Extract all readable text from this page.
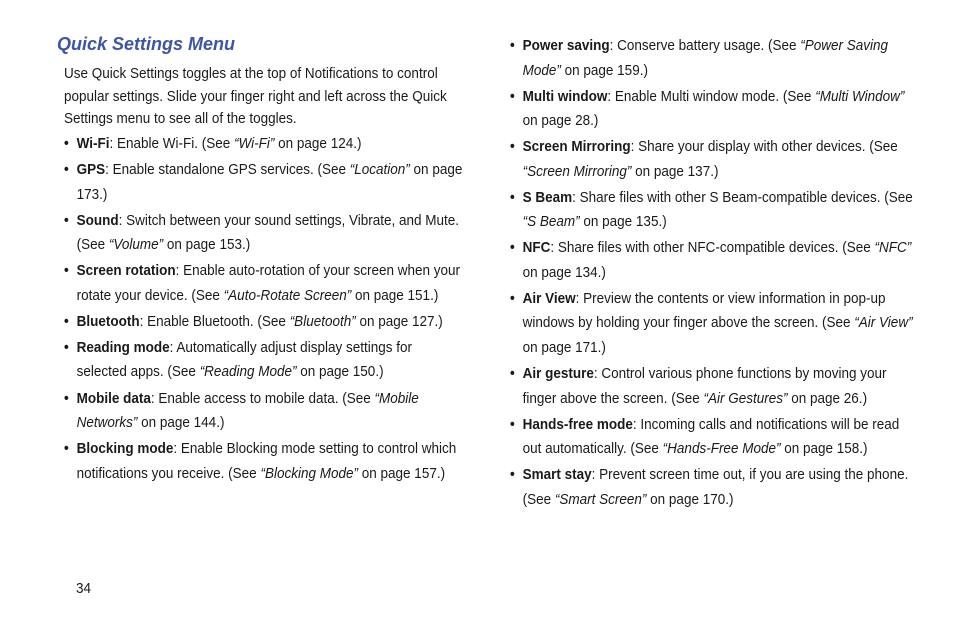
Quick Settings Menu

Use Quick Settings toggles at the top of Notifications to control popular settings. Slide your finger right and left across the Quick Settings menu to see all of the toggles.

• Wi-Fi: Enable Wi-Fi. (See “Wi-Fi” on page 124.)
• GPS: Enable standalone GPS services. (See “Location” on page 173.)
• Sound: Switch between your sound settings, Vibrate, and Mute. (See “Volume” on page 153.)
• Screen rotation: Enable auto-rotation of your screen when your rotate your device. (See “Auto-Rotate Screen” on page 151.)
• Bluetooth: Enable Bluetooth. (See “Bluetooth” on page 127.)
• Reading mode: Automatically adjust display settings for selected apps. (See “Reading Mode” on page 150.)
• Mobile data: Enable access to mobile data. (See “Mobile Networks” on page 144.)
• Blocking mode: Enable Blocking mode setting to control which notifications you receive. (See “Blocking Mode” on page 157.)
• Power saving: Conserve battery usage. (See “Power Saving Mode” on page 159.)
• Multi window: Enable Multi window mode. (See “Multi Window” on page 28.)
• Screen Mirroring: Share your display with other devices. (See “Screen Mirroring” on page 137.)
• S Beam: Share files with other S Beam-compatible devices. (See “S Beam” on page 135.)
• NFC: Share files with other NFC-compatible devices. (See “NFC” on page 134.)
• Air View: Preview the contents or view information in pop-up windows by holding your finger above the screen. (See “Air View” on page 171.)
• Air gesture: Control various phone functions by moving your finger above the screen. (See “Air Gestures” on page 26.)
• Hands-free mode: Incoming calls and notifications will be read out automatically. (See “Hands-Free Mode” on page 158.)
• Smart stay: Prevent screen time out, if you are using the phone. (See “Smart Screen” on page 170.)
34
